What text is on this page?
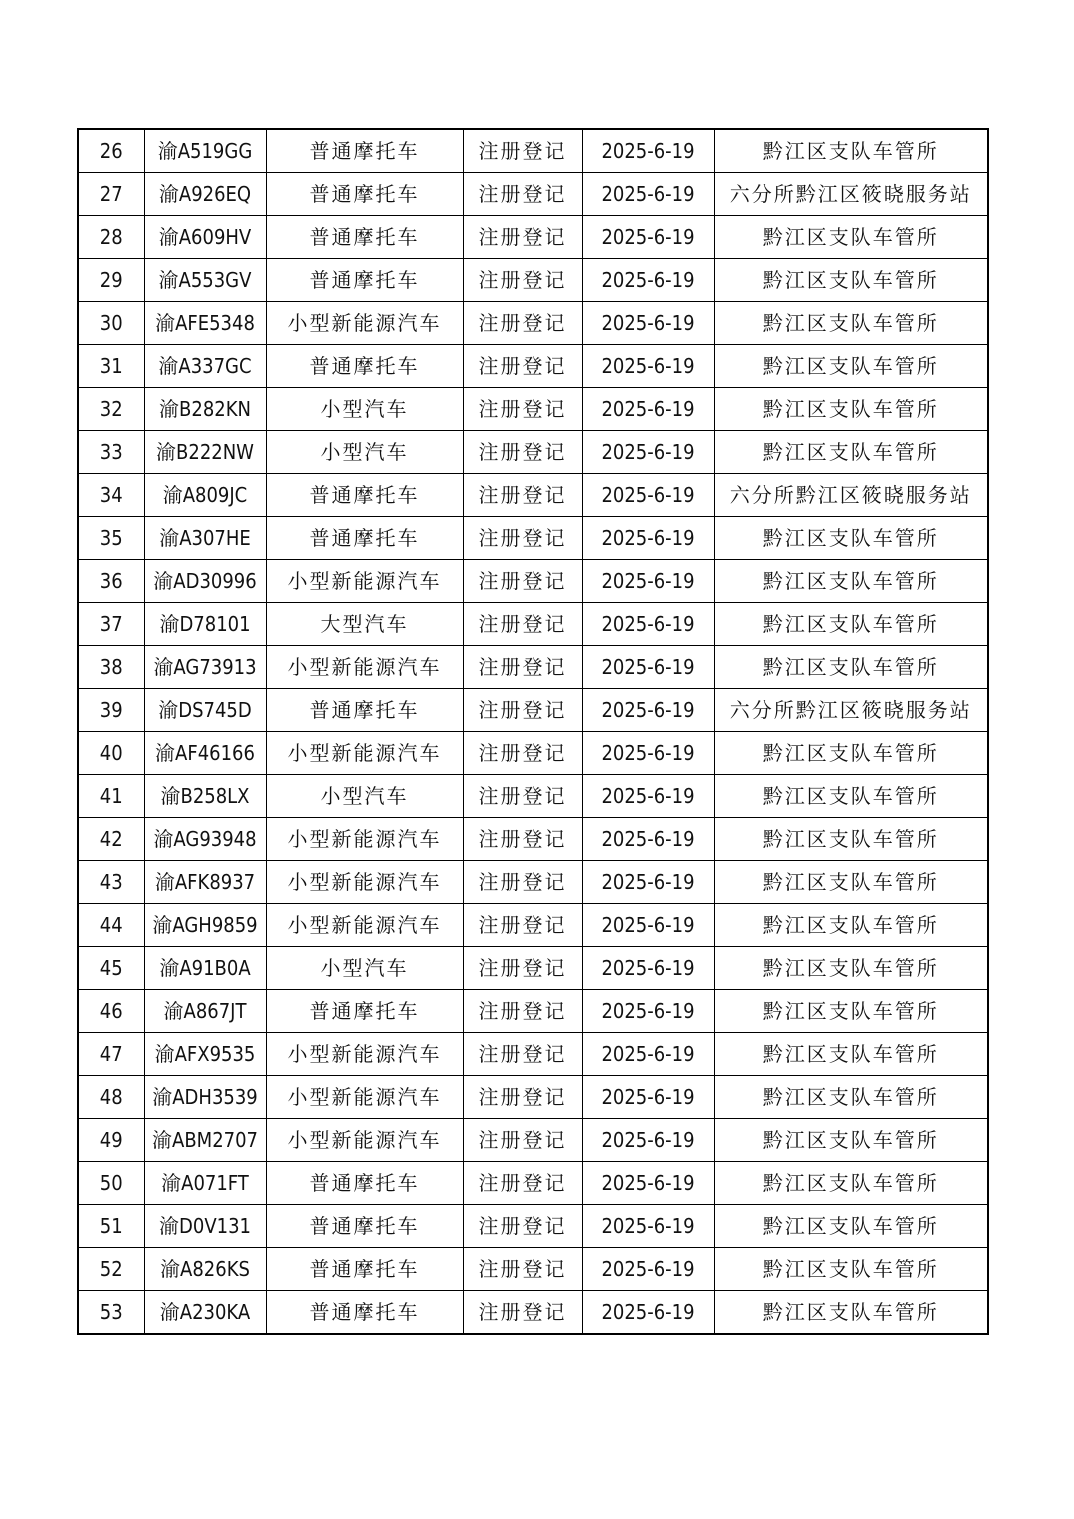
26	渝A519GG	普通摩托车	注册登记	2025-6-19	黔江区支队车管所
27	渝A926EQ	普通摩托车	注册登记	2025-6-19	六分所黔江区筱晓服务站
28	渝A609HV	普通摩托车	注册登记	2025-6-19	黔江区支队车管所
29	渝A553GV	普通摩托车	注册登记	2025-6-19	黔江区支队车管所
30	渝AFE5348	小型新能源汽车	注册登记	2025-6-19	黔江区支队车管所
31	渝A337GC	普通摩托车	注册登记	2025-6-19	黔江区支队车管所
32	渝B282KN	小型汽车	注册登记	2025-6-19	黔江区支队车管所
33	渝B222NW	小型汽车	注册登记	2025-6-19	黔江区支队车管所
34	渝A809JC	普通摩托车	注册登记	2025-6-19	六分所黔江区筱晓服务站
35	渝A307HE	普通摩托车	注册登记	2025-6-19	黔江区支队车管所
36	渝AD30996	小型新能源汽车	注册登记	2025-6-19	黔江区支队车管所
37	渝D78101	大型汽车	注册登记	2025-6-19	黔江区支队车管所
38	渝AG73913	小型新能源汽车	注册登记	2025-6-19	黔江区支队车管所
39	渝DS745D	普通摩托车	注册登记	2025-6-19	六分所黔江区筱晓服务站
40	渝AF46166	小型新能源汽车	注册登记	2025-6-19	黔江区支队车管所
41	渝B258LX	小型汽车	注册登记	2025-6-19	黔江区支队车管所
42	渝AG93948	小型新能源汽车	注册登记	2025-6-19	黔江区支队车管所
43	渝AFK8937	小型新能源汽车	注册登记	2025-6-19	黔江区支队车管所
44	渝AGH9859	小型新能源汽车	注册登记	2025-6-19	黔江区支队车管所
45	渝A91B0A	小型汽车	注册登记	2025-6-19	黔江区支队车管所
46	渝A867JT	普通摩托车	注册登记	2025-6-19	黔江区支队车管所
47	渝AFX9535	小型新能源汽车	注册登记	2025-6-19	黔江区支队车管所
48	渝ADH3539	小型新能源汽车	注册登记	2025-6-19	黔江区支队车管所
49	渝ABM2707	小型新能源汽车	注册登记	2025-6-19	黔江区支队车管所
50	渝A071FT	普通摩托车	注册登记	2025-6-19	黔江区支队车管所
51	渝D0V131	普通摩托车	注册登记	2025-6-19	黔江区支队车管所
52	渝A826KS	普通摩托车	注册登记	2025-6-19	黔江区支队车管所
53	渝A230KA	普通摩托车	注册登记	2025-6-19	黔江区支队车管所
